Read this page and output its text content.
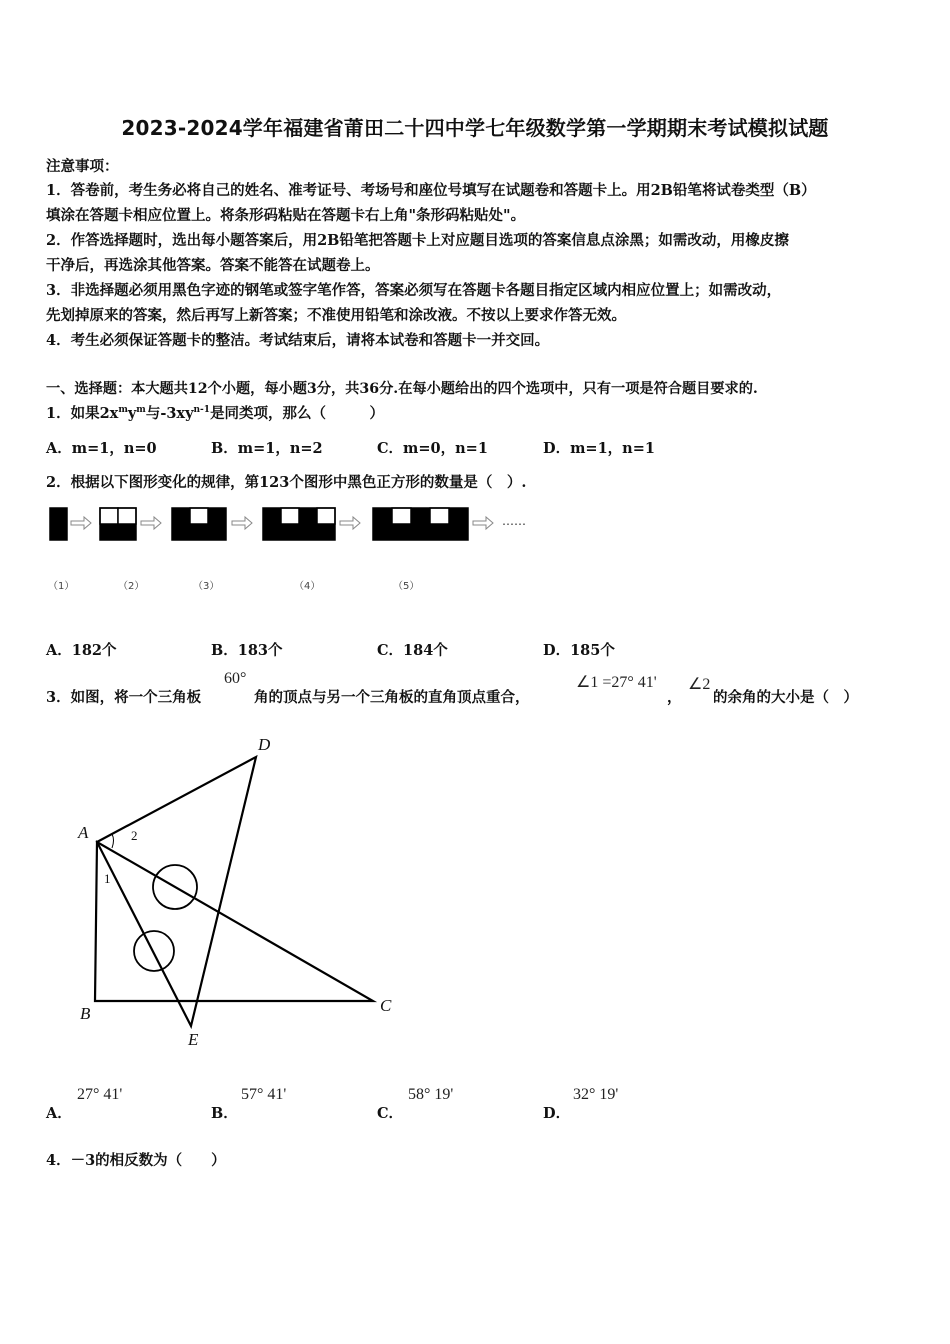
2023-2024学年福建省莆田二十四中学七年级数学第一学期期末考试模拟试题
注意事项：
1．答卷前，考生务必将自己的姓名、准考证号、考场号和座位号填写在试题卷和答题卡上。用2B铅笔将试卷类型（B）
填涂在答题卡相应位置上。将条形码粘贴在答题卡右上角"条形码粘贴处"。
2．作答选择题时，选出每小题答案后，用2B铅笔把答题卡上对应题目选项的答案信息点涂黑；如需改动，用橡皮擦
干净后，再选涂其他答案。答案不能答在试题卷上。
3．非选择题必须用黑色字迹的钢笔或签字笔作答，答案必须写在答题卡各题目指定区域内相应位置上；如需改动，
先划掉原来的答案，然后再写上新答案；不准使用铅笔和涂改液。不按以上要求作答无效。
4．考生必须保证答题卡的整洁。考试结束后，请将本试卷和答题卡一并交回。
一、选择题：本大题共12个小题，每小题3分，共36分.在每小题给出的四个选项中，只有一项是符合题目要求的.
1．如果$2x^my^m$与$-3xy^{n-1}$是同类项，那么（　　　）
A．m=1，n=0	B．m=1，n=2	C．m=0，n=1	D．m=1，n=1
2．根据以下图形变化的规律，第123个图形中黑色正方形的数量是（　）.
……
（1）	（2）	（3）	（4）	（5）
A．182个	B．183个	C．184个	D．185个
3．如图，将一个三角板
60°
角的顶点与另一个三角板的直角顶点重合，
∠1 =27° 41'
，
∠2
的余角的大小是（　）
A
B	C
D
E
1
2
A．
27° 41'
B．
57° 41'
C．
58° 19'
D．
32° 19'
4．－3的相反数为（　　）
